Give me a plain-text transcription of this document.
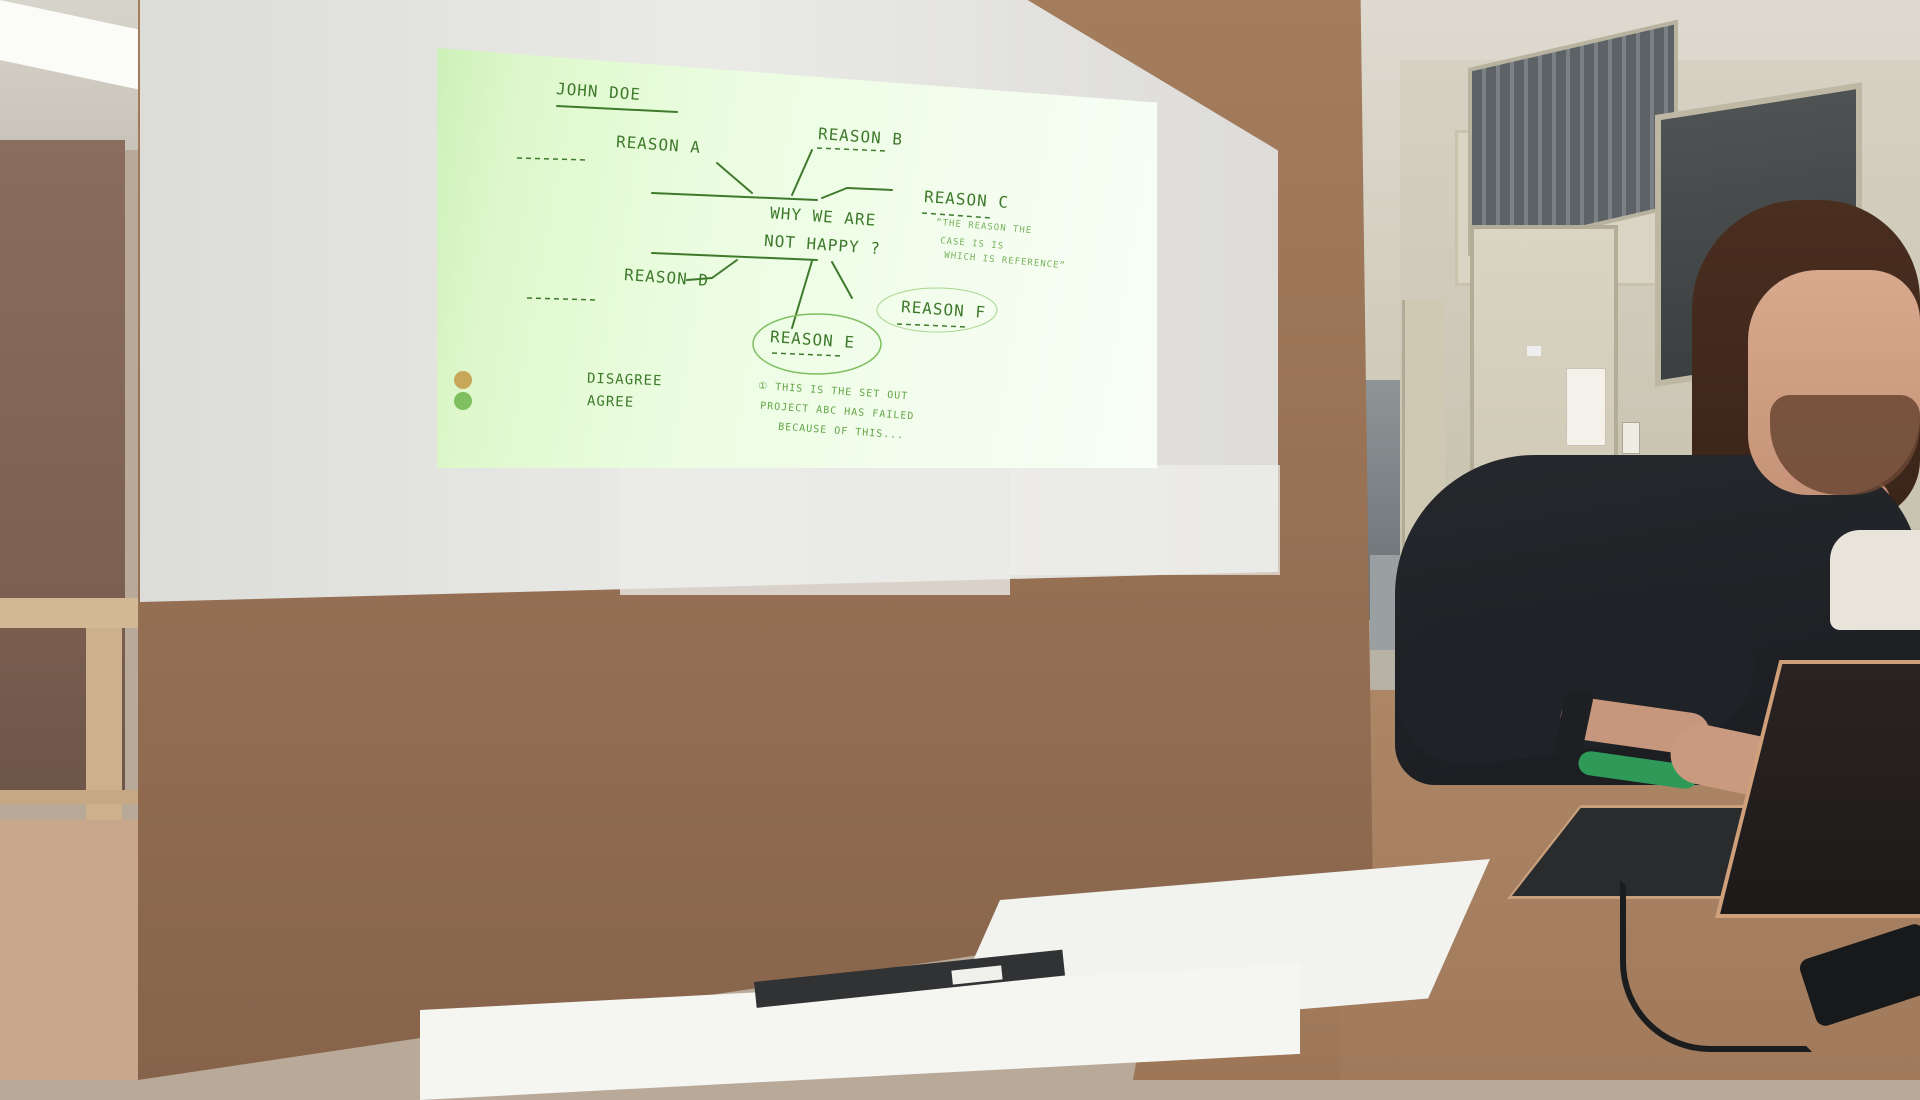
JOHN DOE
REASON B
REASON A
REASON C
WHY WE ARE
NOT HAPPY ?
“THE REASON THE
CASE IS IS
WHICH IS REFERENCE”
REASON D
REASON F
REASON E
DISAGREE
AGREE	① THIS IS THE SET OUT
PROJECT ABC HAS FAILED
BECAUSE OF THIS...
